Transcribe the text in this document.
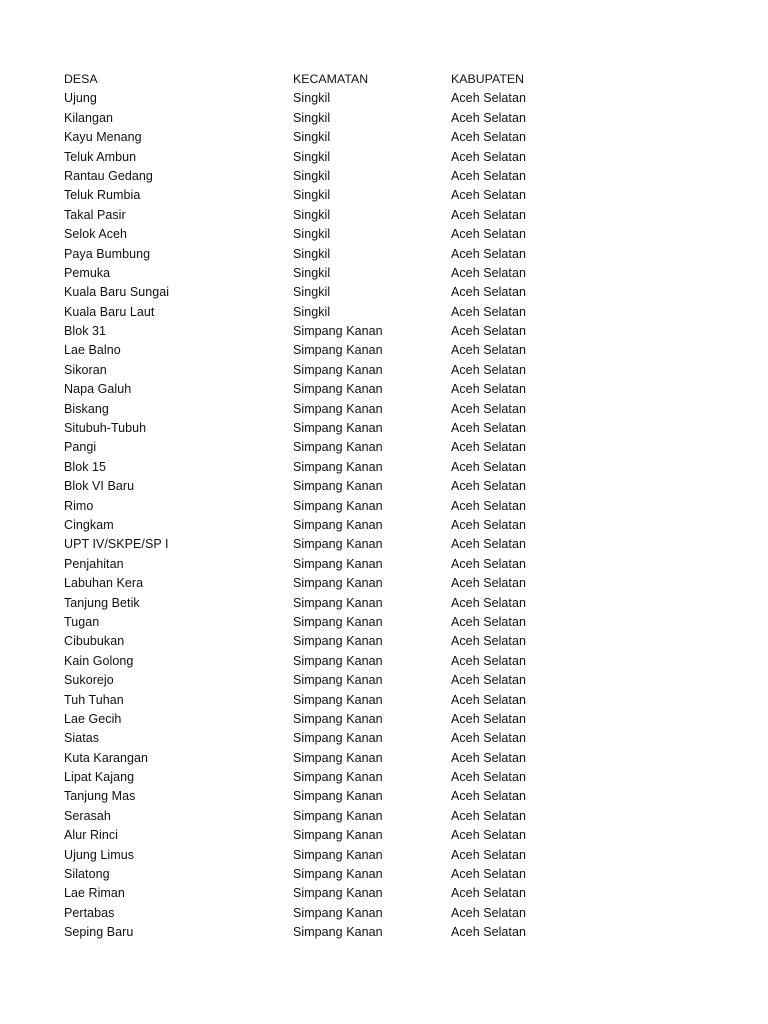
DESA	KECAMATAN	KABUPATEN
Ujung	Singkil	Aceh Selatan
Kilangan	Singkil	Aceh Selatan
Kayu Menang	Singkil	Aceh Selatan
Teluk Ambun	Singkil	Aceh Selatan
Rantau Gedang	Singkil	Aceh Selatan
Teluk Rumbia	Singkil	Aceh Selatan
Takal Pasir	Singkil	Aceh Selatan
Selok Aceh	Singkil	Aceh Selatan
Paya Bumbung	Singkil	Aceh Selatan
Pemuka	Singkil	Aceh Selatan
Kuala Baru Sungai	Singkil	Aceh Selatan
Kuala Baru Laut	Singkil	Aceh Selatan
Blok 31	Simpang Kanan	Aceh Selatan
Lae Balno	Simpang Kanan	Aceh Selatan
Sikoran	Simpang Kanan	Aceh Selatan
Napa Galuh	Simpang Kanan	Aceh Selatan
Biskang	Simpang Kanan	Aceh Selatan
Situbuh-Tubuh	Simpang Kanan	Aceh Selatan
Pangi	Simpang Kanan	Aceh Selatan
Blok 15	Simpang Kanan	Aceh Selatan
Blok VI Baru	Simpang Kanan	Aceh Selatan
Rimo	Simpang Kanan	Aceh Selatan
Cingkam	Simpang Kanan	Aceh Selatan
UPT IV/SKPE/SP I	Simpang Kanan	Aceh Selatan
Penjahitan	Simpang Kanan	Aceh Selatan
Labuhan Kera	Simpang Kanan	Aceh Selatan
Tanjung Betik	Simpang Kanan	Aceh Selatan
Tugan	Simpang Kanan	Aceh Selatan
Cibubukan	Simpang Kanan	Aceh Selatan
Kain Golong	Simpang Kanan	Aceh Selatan
Sukorejo	Simpang Kanan	Aceh Selatan
Tuh Tuhan	Simpang Kanan	Aceh Selatan
Lae Gecih	Simpang Kanan	Aceh Selatan
Siatas	Simpang Kanan	Aceh Selatan
Kuta Karangan	Simpang Kanan	Aceh Selatan
Lipat Kajang	Simpang Kanan	Aceh Selatan
Tanjung Mas	Simpang Kanan	Aceh Selatan
Serasah	Simpang Kanan	Aceh Selatan
Alur Rinci	Simpang Kanan	Aceh Selatan
Ujung Limus	Simpang Kanan	Aceh Selatan
Silatong	Simpang Kanan	Aceh Selatan
Lae Riman	Simpang Kanan	Aceh Selatan
Pertabas	Simpang Kanan	Aceh Selatan
Seping Baru	Simpang Kanan	Aceh Selatan
